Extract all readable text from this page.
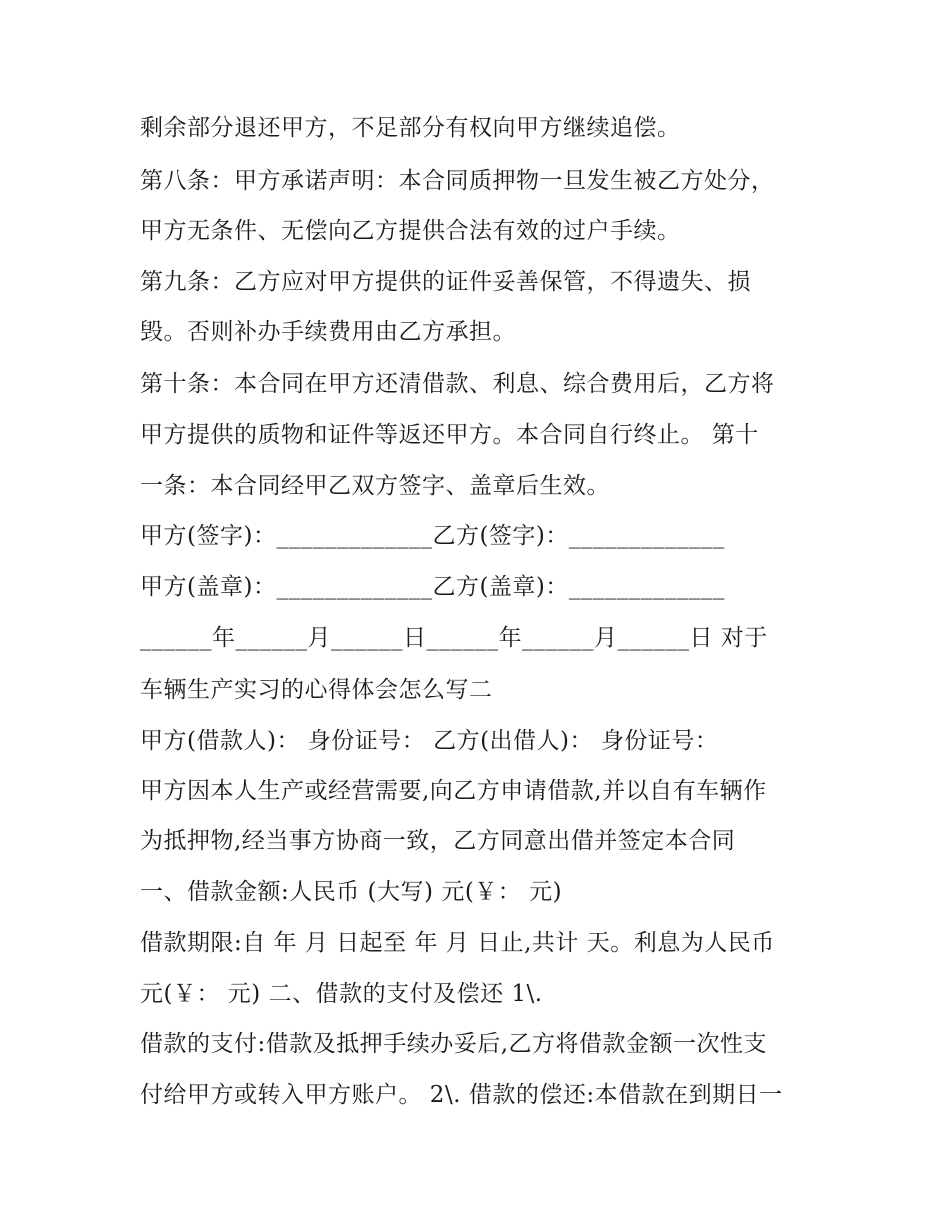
剩余部分退还甲方，不足部分有权向甲方继续追偿。

第八条：甲方承诺声明：本合同质押物一旦发生被乙方处分，

甲方无条件、无偿向乙方提供合法有效的过户手续。

第九条：乙方应对甲方提供的证件妥善保管，不得遗失、损

毁。否则补办手续费用由乙方承担。

第十条：本合同在甲方还清借款、利息、综合费用后，乙方将

甲方提供的质物和证件等返还甲方。本合同自行终止。 第十

一条：本合同经甲乙双方签字、盖章后生效。

甲方(签字)：_____________乙方(签字)：_____________

甲方(盖章)：_____________乙方(盖章)：_____________

______年______月______日______年______月______日 对于

车辆生产实习的心得体会怎么写二

甲方(借款人)： 身份证号： 乙方(出借人)： 身份证号：

甲方因本人生产或经营需要,向乙方申请借款,并以自有车辆作

为抵押物,经当事方协商一致，乙方同意出借并签定本合同

一、借款金额:人民币 (大写) 元(￥： 元)

借款期限:自 年 月 日起至 年 月 日止,共计 天。利息为人民币

元(￥： 元) 二、借款的支付及偿还 1\.

借款的支付:借款及抵押手续办妥后,乙方将借款金额一次性支

付给甲方或转入甲方账户。 2\. 借款的偿还:本借款在到期日一
